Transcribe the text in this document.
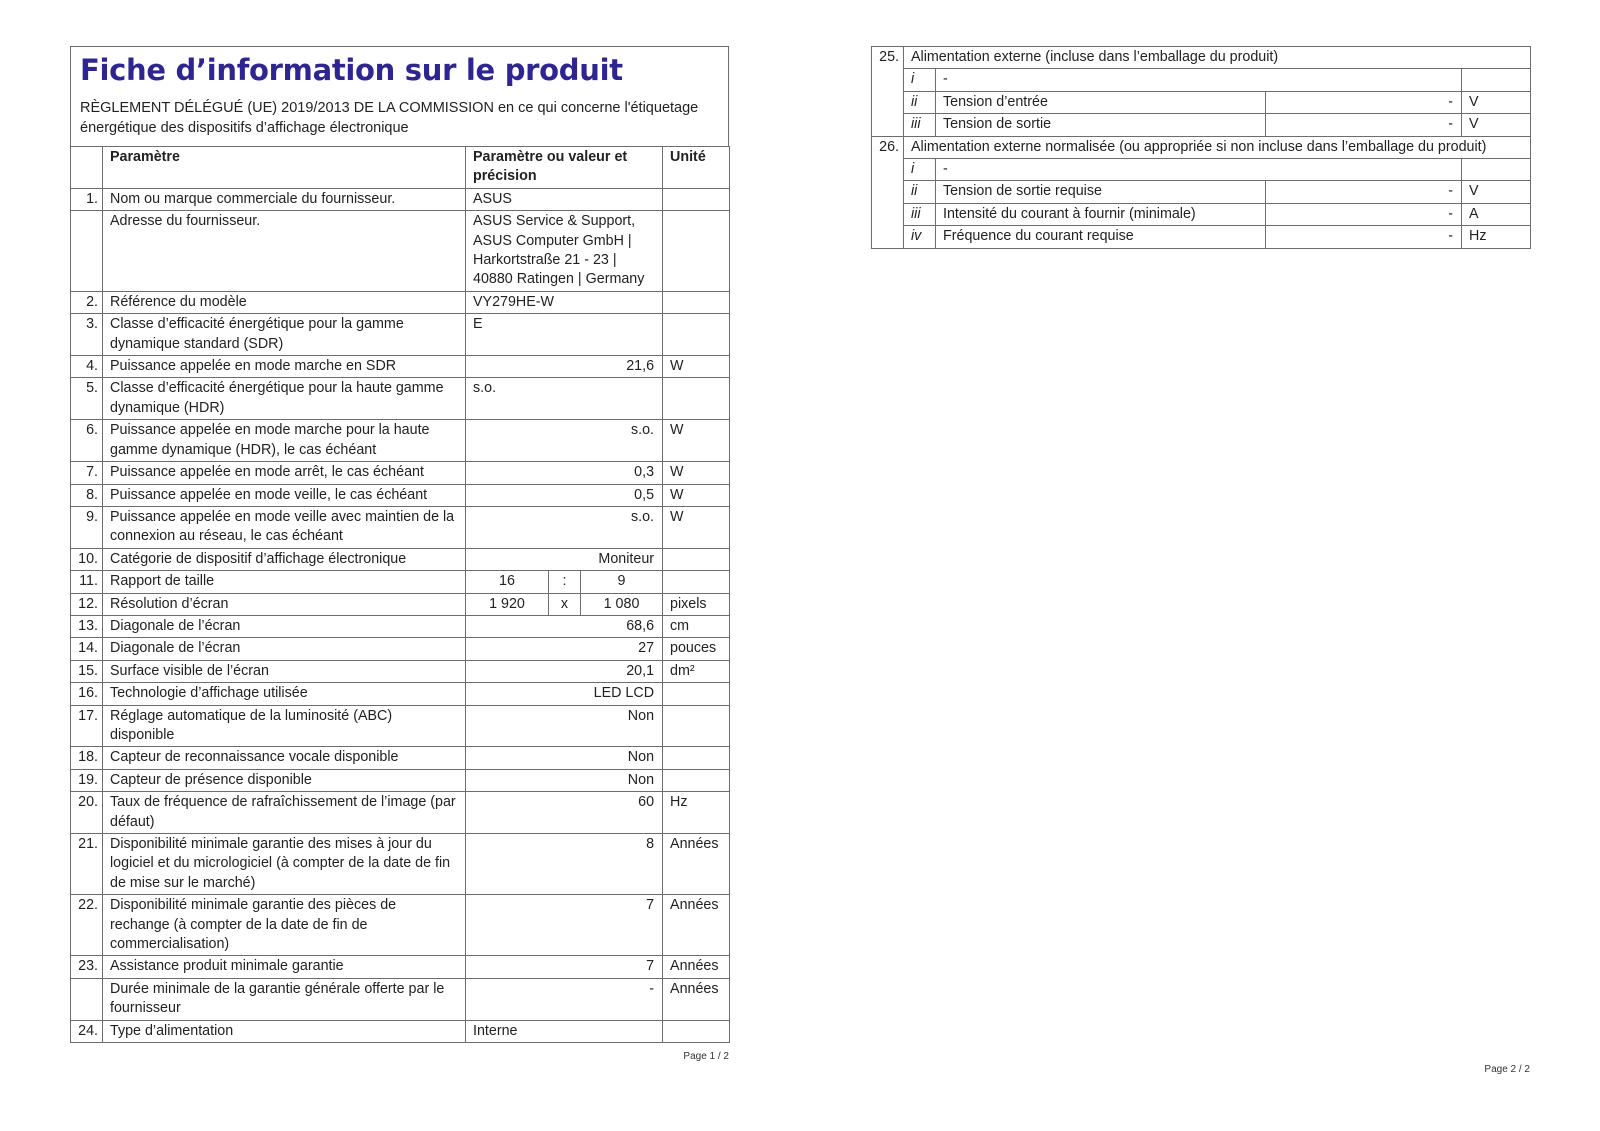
Fiche d’information sur le produit
RÈGLEMENT DÉLÉGUÉ (UE) 2019/2013 DE LA COMMISSION en ce qui concerne l'étiquetage énergétique des dispositifs d’affichage électronique
	Paramètre	Paramètre ou valeur et précision			Unité
1.	Nom ou marque commerciale du fournisseur.	ASUS			
	Adresse du fournisseur.	ASUS Service & Support, ASUS Computer GmbH | Harkortstraße 21 - 23 | 40880 Ratingen | Germany			
2.	Référence du modèle	VY279HE-W			
3.	Classe d’efficacité énergétique pour la gamme dynamique standard (SDR)	E			
4.	Puissance appelée en mode marche en SDR	21,6			W
5.	Classe d’efficacité énergétique pour la haute gamme dynamique (HDR)	s.o.			
6.	Puissance appelée en mode marche pour la haute gamme dynamique (HDR), le cas échéant	s.o.			W
7.	Puissance appelée en mode arrêt, le cas échéant	0,3			W
8.	Puissance appelée en mode veille, le cas échéant	0,5			W
9.	Puissance appelée en mode veille avec maintien de la connexion au réseau, le cas échéant	s.o.			W
10.	Catégorie de dispositif d’affichage électronique	Moniteur			
11.	Rapport de taille	16	:	9	
12.	Résolution d’écran	1 920	x	1 080	pixels
13.	Diagonale de l’écran	68,6			cm
14.	Diagonale de l’écran	27			pouces
15.	Surface visible de l’écran	20,1			dm²
16.	Technologie d’affichage utilisée	LED LCD			
17.	Réglage automatique de la luminosité (ABC) disponible	Non			
18.	Capteur de reconnaissance vocale disponible	Non			
19.	Capteur de présence disponible	Non			
20.	Taux de fréquence de rafraîchissement de l’image (par défaut)	60			Hz
21.	Disponibilité minimale garantie des mises à jour du logiciel et du micrologiciel (à compter de la date de fin de mise sur le marché)	8			Années
22.	Disponibilité minimale garantie des pièces de rechange (à compter de la date de fin de commercialisation)	7			Années
23.	Assistance produit minimale garantie	7			Années
	Durée minimale de la garantie générale offerte par le fournisseur	-			Années
24.	Type d’alimentation	Interne			
Page 1 / 2
25.	Alimentation externe (incluse dans l’emballage du produit)			
	i	-		
	ii	Tension d’entrée	-	V
	iii	Tension de sortie	-	V
26.	Alimentation externe normalisée (ou appropriée si non incluse dans l’emballage du produit)			
	i	-		
	ii	Tension de sortie requise	-	V
	iii	Intensité du courant à fournir (minimale)	-	A
	iv	Fréquence du courant requise	-	Hz
Page 2 / 2
